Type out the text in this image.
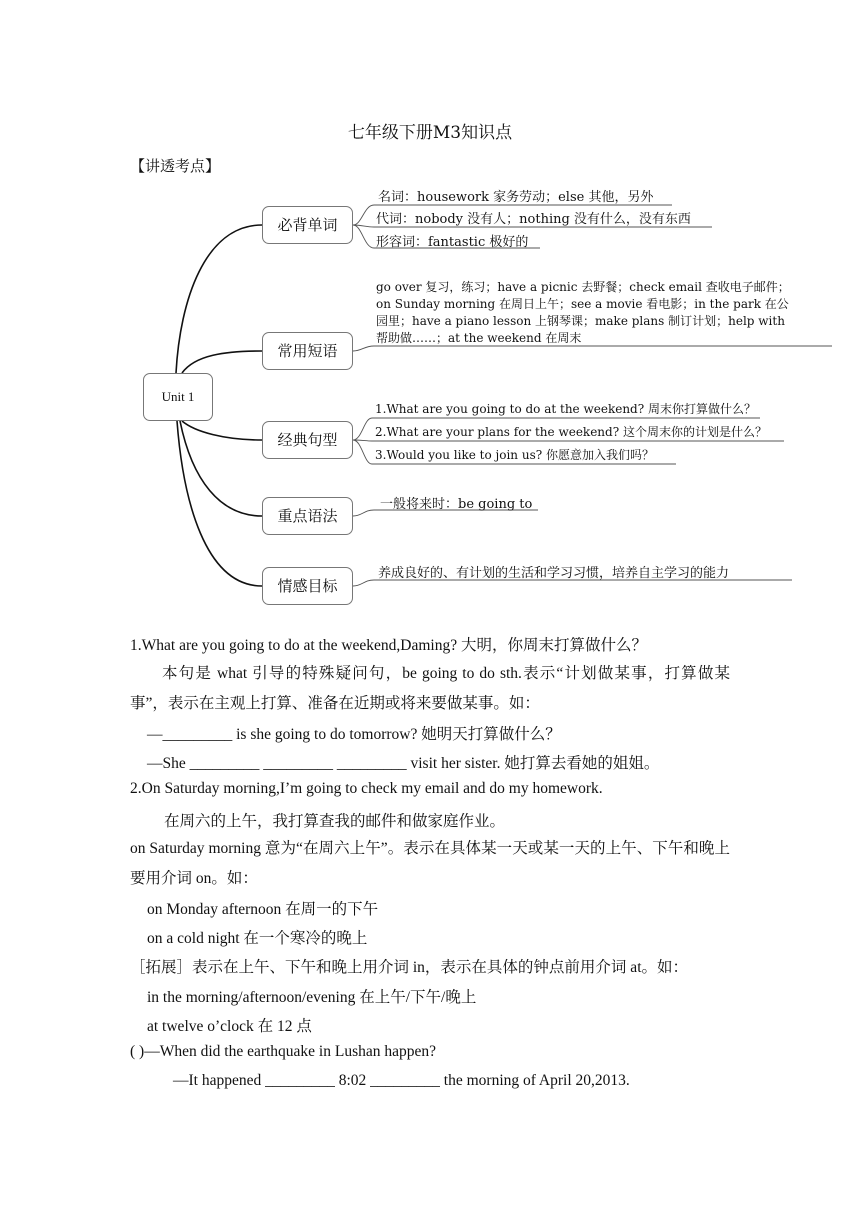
七年级下册M3知识点
【讲透考点】
Unit 1
必背单词
常用短语
经典句型
重点语法
情感目标
名词：housework 家务劳动；else 其他，另外
代词：nobody 没有人；nothing 没有什么，没有东西
形容词：fantastic 极好的
go over 复习，练习；have a picnic 去野餐；check email 查收电子邮件；
on Sunday morning 在周日上午；see a movie 看电影；in the park 在公
园里；have a piano lesson 上钢琴课；make plans 制订计划；help with
帮助做……；at the weekend 在周末
1.What are you going to do at the weekend? 周末你打算做什么？
2.What are your plans for the weekend? 这个周末你的计划是什么？
3.Would you like to join us? 你愿意加入我们吗？
一般将来时：be going to
养成良好的、有计划的生活和学习习惯，培养自主学习的能力
1.What are you going to do at the weekend,Daming? 大明，你周末打算做什么？
本句是 what 引导的特殊疑问句，be going to do sth.表示“计划做某事，打算做某事”，表示在主观上打算、准备在近期或将来要做某事。如：
—_________ is she going to do tomorrow? 她明天打算做什么？
—She _________ _________ _________ visit her sister. 她打算去看她的姐姐。
2.On Saturday morning,I’m going to check my email and do my homework.
在周六的上午，我打算查我的邮件和做家庭作业。
on Saturday morning 意为“在周六上午”。表示在具体某一天或某一天的上午、下午和晚上要用介词 on。如：
on Monday afternoon 在周一的下午
on a cold night 在一个寒冷的晚上
［拓展］表示在上午、下午和晚上用介词 in，表示在具体的钟点前用介词 at。如：
in the morning/afternoon/evening 在上午/下午/晚上
at twelve o’clock 在 12 点
( )—When did the earthquake in Lushan happen?
—It happened _________ 8:02 _________ the morning of April 20,2013.
